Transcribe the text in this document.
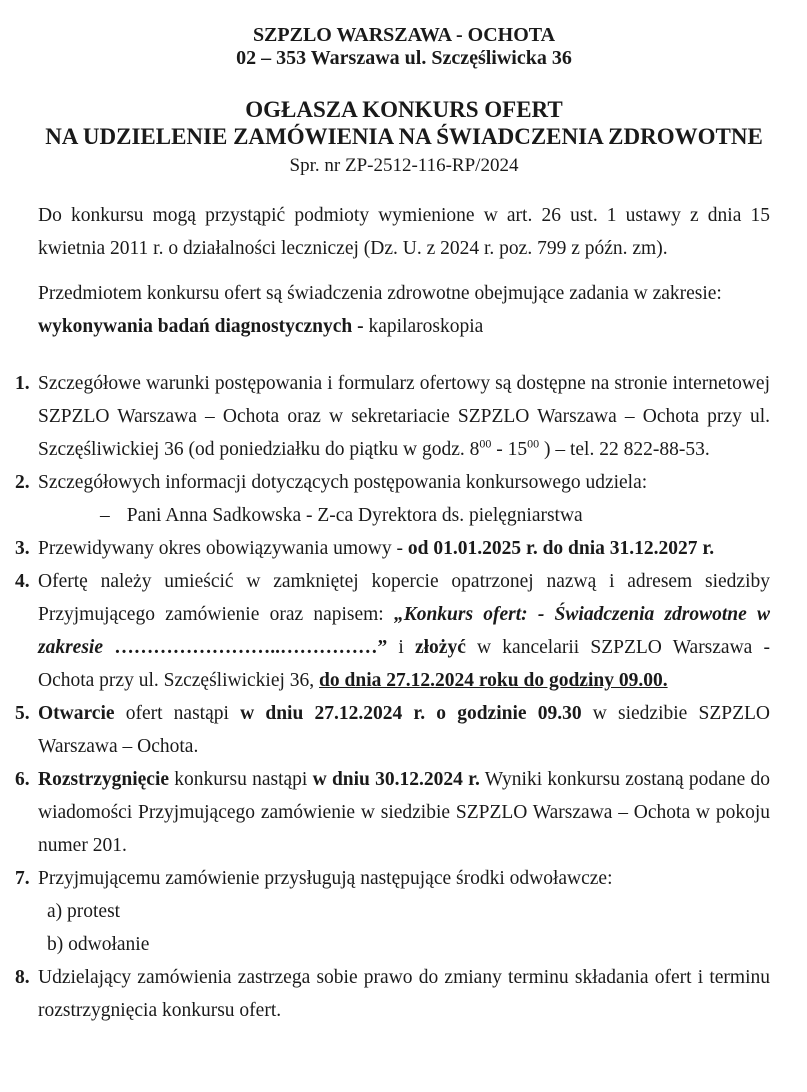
SZPZLO WARSZAWA - OCHOTA
02 – 353 Warszawa ul. Szczęśliwicka 36
OGŁASZA KONKURS OFERT
NA UDZIELENIE ZAMÓWIENIA NA ŚWIADCZENIA ZDROWOTNE
Spr. nr ZP-2512-116-RP/2024

Do konkursu mogą przystąpić podmioty wymienione w art. 26 ust. 1 ustawy z dnia 15 kwietnia 2011 r. o działalności leczniczej (Dz. U. z 2024 r. poz. 799 z późn. zm).

Przedmiotem konkursu ofert są świadczenia zdrowotne obejmujące zadania w zakresie:
wykonywania badań diagnostycznych - kapilaroskopia

1. Szczegółowe warunki postępowania i formularz ofertowy są dostępne na stronie internetowej SZPZLO Warszawa – Ochota oraz w sekretariacie SZPZLO Warszawa – Ochota przy ul. Szczęśliwickiej 36 (od poniedziałku do piątku w godz. $8^{00} - 15^{00}$ ) – tel. 22 822-88-53.
2. Szczegółowych informacji dotyczących postępowania konkursowego udziela:
– Pani Anna Sadkowska - Z-ca Dyrektora ds. pielęgniarstwa
3. Przewidywany okres obowiązywania umowy - od 01.01.2025 r. do dnia 31.12.2027 r.
4. Ofertę należy umieścić w zamkniętej kopercie opatrzonej nazwą i adresem siedziby Przyjmującego zamówienie oraz napisem: „Konkurs ofert: - Świadczenia zdrowotne w zakresie ……………………..……………” i złożyć w kancelarii SZPZLO Warszawa - Ochota przy ul. Szczęśliwickiej 36, do dnia 27.12.2024 roku do godziny 09.00.
5. Otwarcie ofert nastąpi w dniu 27.12.2024 r. o godzinie 09.30 w siedzibie SZPZLO Warszawa – Ochota.
6. Rozstrzygnięcie konkursu nastąpi w dniu 30.12.2024 r. Wyniki konkursu zostaną podane do wiadomości Przyjmującego zamówienie w siedzibie SZPZLO Warszawa – Ochota w pokoju numer 201.
7. Przyjmującemu zamówienie przysługują następujące środki odwoławcze:
a) protest
b) odwołanie
8. Udzielający zamówienia zastrzega sobie prawo do zmiany terminu składania ofert i terminu rozstrzygnięcia konkursu ofert.
